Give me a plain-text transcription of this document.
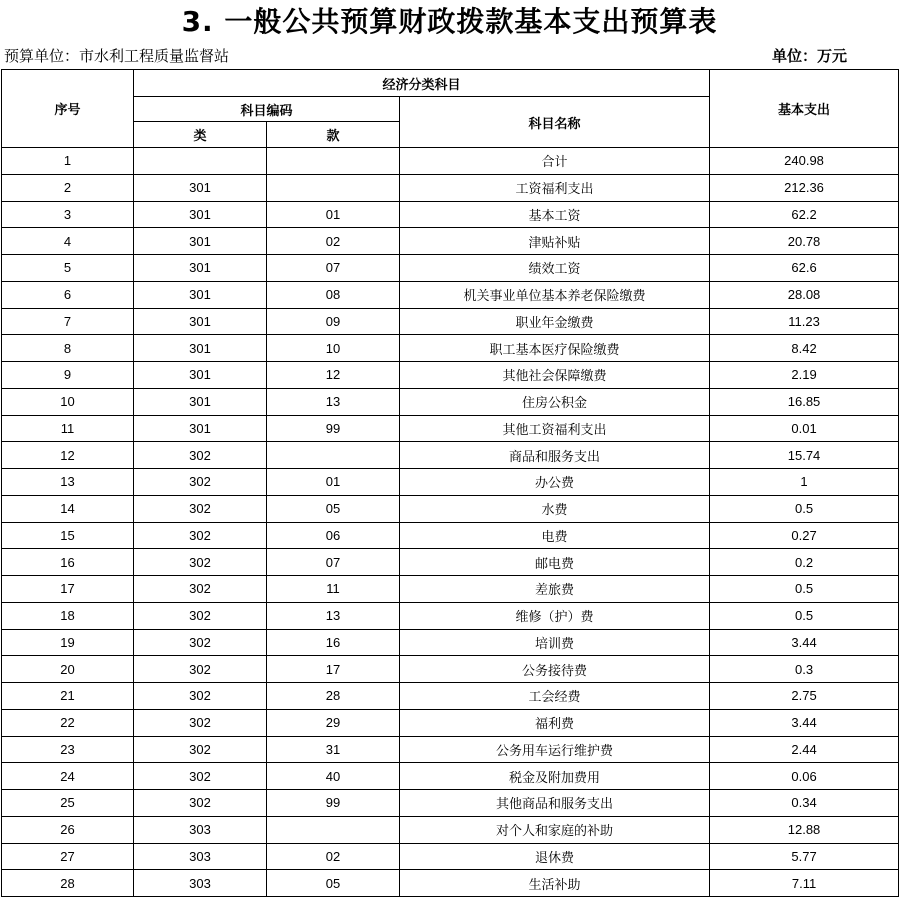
3. 一般公共预算财政拨款基本支出预算表
预算单位：市水利工程质量监督站	单位：万元
序号	经济分类科目			基本支出
	科目编码		科目名称	
	类	款		
1			合计	240.98
2	301		工资福利支出	212.36
3	301	01	基本工资	62.2
4	301	02	津贴补贴	20.78
5	301	07	绩效工资	62.6
6	301	08	机关事业单位基本养老保险缴费	28.08
7	301	09	职业年金缴费	11.23
8	301	10	职工基本医疗保险缴费	8.42
9	301	12	其他社会保障缴费	2.19
10	301	13	住房公积金	16.85
11	301	99	其他工资福利支出	0.01
12	302		商品和服务支出	15.74
13	302	01	办公费	1
14	302	05	水费	0.5
15	302	06	电费	0.27
16	302	07	邮电费	0.2
17	302	11	差旅费	0.5
18	302	13	维修（护）费	0.5
19	302	16	培训费	3.44
20	302	17	公务接待费	0.3
21	302	28	工会经费	2.75
22	302	29	福利费	3.44
23	302	31	公务用车运行维护费	2.44
24	302	40	税金及附加费用	0.06
25	302	99	其他商品和服务支出	0.34
26	303		对个人和家庭的补助	12.88
27	303	02	退休费	5.77
28	303	05	生活补助	7.11
